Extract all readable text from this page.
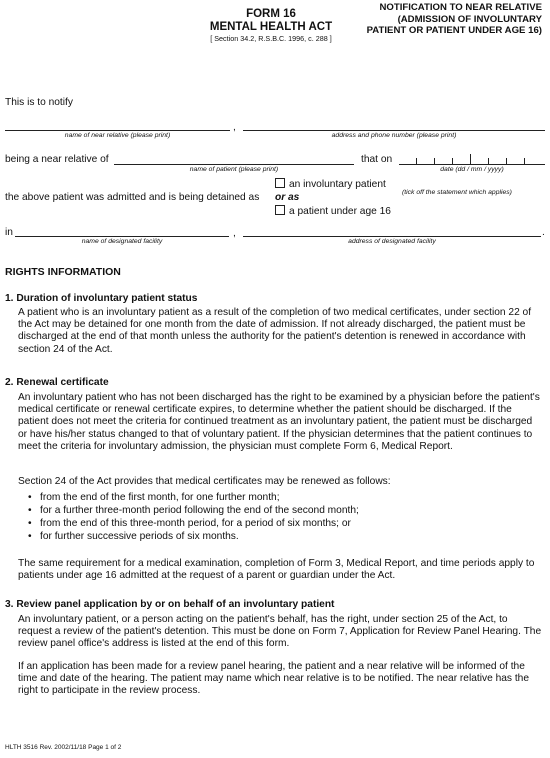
FORM 16
MENTAL HEALTH ACT
[ Section 34.2, R.S.B.C. 1996, c. 288 ]
NOTIFICATION TO NEAR RELATIVE
(ADMISSION OF INVOLUNTARY
PATIENT OR PATIENT UNDER AGE 16)
This is to notify
,
name of near relative (please print)	address and phone number (please print)
being a near relative of
name of patient (please print)
that on
date (dd / mm / yyyy)
the above patient was admitted and is being detained as
an involuntary patient
or as
a patient under age 16
(tick off the statement which applies)
in	,	.
name of designated facility	address of designated facility
RIGHTS INFORMATION
1. Duration of involuntary patient status
A patient who is an involuntary patient as a result of the completion of two medical certificates, under section 22 of the Act may be detained for one month from the date of admission. If not already discharged, the patient must be discharged at the end of that month unless the authority for the patient's detention is renewed in accordance with section 24 of the Act.
2. Renewal certificate
An involuntary patient who has not been discharged has the right to be examined by a physician before the patient's medical certificate or renewal certificate expires, to determine whether the patient should be discharged. If the patient does not meet the criteria for continued treatment as an involuntary patient, the patient must be discharged or have his/her status changed to that of voluntary patient. If the physician determines that the patient continues to meet the criteria for involuntary admission, the physician must complete Form 6, Medical Report.
Section 24 of the Act provides that medical certificates may be renewed as follows:
• from the end of the first month, for one further month;
• for a further three-month period following the end of the second month;
• from the end of this three-month period, for a period of six months; or
• for further successive periods of six months.
The same requirement for a medical examination, completion of Form 3, Medical Report, and time periods apply to patients under age 16 admitted at the request of a parent or guardian under the Act.
3. Review panel application by or on behalf of an involuntary patient
An involuntary patient, or a person acting on the patient's behalf, has the right, under section 25 of the Act, to request a review of the patient's detention. This must be done on Form 7, Application for Review Panel Hearing. The review panel office's address is listed at the end of this form.
If an application has been made for a review panel hearing, the patient and a near relative will be informed of the time and date of the hearing. The patient may name which near relative is to be notified. The near relative has the right to participate in the review process.
HLTH 3516 Rev. 2002/11/18 Page 1 of 2
